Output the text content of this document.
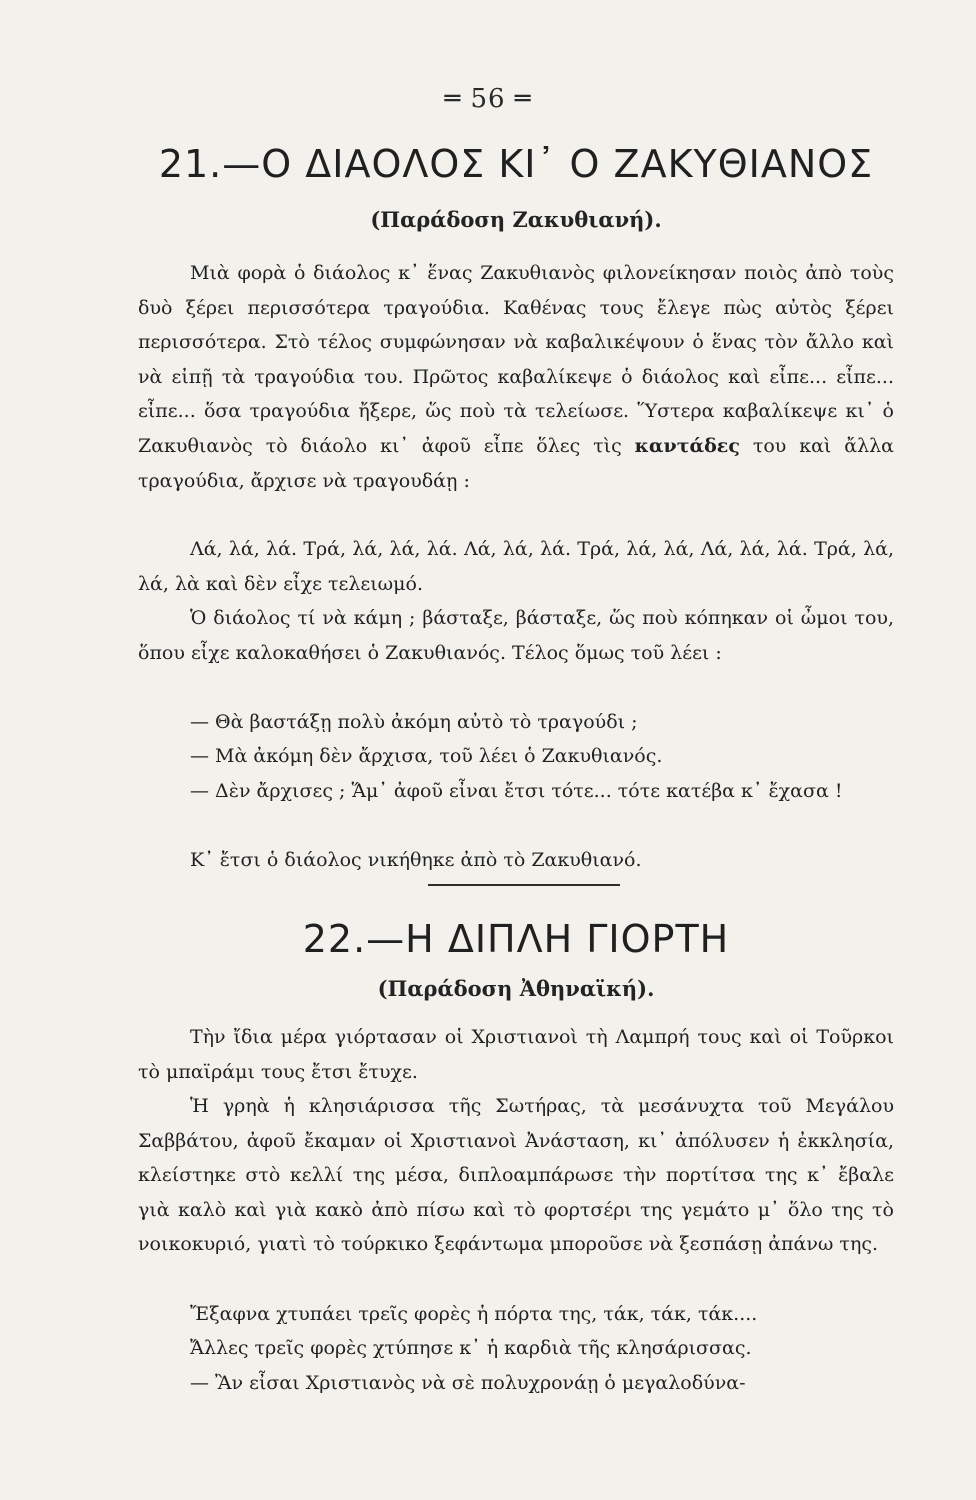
═ 56 ═
21.—Ο ΔΙΑΟΛΟΣ ΚΙ᾽ Ο ΖΑΚΥΘΙΑΝΟΣ
(Παράδοση Ζακυθιανή).
Μιὰ φορὰ ὁ διάολος κ᾽ ἕνας Ζακυθιανὸς φιλονείκησαν ποιὸς ἀπὸ τοὺς δυὸ ξέρει περισσότερα τραγούδια. Καθένας τους ἔλεγε πὼς αὐτὸς ξέρει περισσότερα. Στὸ τέλος συμφώνησαν νὰ καβαλικέψουν ὁ ἕνας τὸν ἄλλο καὶ νὰ εἰπῇ τὰ τραγούδια του. Πρῶτος καβαλίκεψε ὁ διάολος καὶ εἶπε... εἶπε... εἶπε... ὅσα τραγούδια ἤξερε, ὥς ποὺ τὰ τελείωσε. Ὕστερα καβαλίκεψε κι᾽ ὁ Ζακυθιανὸς τὸ διάολο κι᾽ ἀφοῦ εἶπε ὅλες τὶς καντάδες του καὶ ἄλλα τραγούδια, ἄρχισε νὰ τραγουδάῃ :
Λά, λά, λά. Τρά, λά, λά, λά. Λά, λά, λά. Τρά, λά, λά, Λά, λά, λά. Τρά, λά, λά, λὰ καὶ δὲν εἶχε τελειωμό.
Ὁ διάολος τί νὰ κάμη ; βάσταξε, βάσταξε, ὥς ποὺ κόπηκαν οἱ ὦμοι του, ὅπου εἶχε καλοκαθήσει ὁ Ζακυθιανός. Τέλος ὅμως τοῦ λέει :
— Θὰ βαστάξῃ πολὺ ἀκόμη αὐτὸ τὸ τραγούδι ;
— Μὰ ἀκόμη δὲν ἄρχισα, τοῦ λέει ὁ Ζακυθιανός.
— Δὲν ἄρχισες ; Ἅμ᾽ ἀφοῦ εἶναι ἔτσι τότε... τότε κατέβα κ᾽ ἔχασα !
Κ᾽ ἔτσι ὁ διάολος νικήθηκε ἀπὸ τὸ Ζακυθιανό.
22.—Η ΔΙΠΛΗ ΓΙΟΡΤΗ
(Παράδοση Ἀθηναϊκή).
Τὴν ἴδια μέρα γιόρτασαν οἱ Χριστιανοὶ τὴ Λαμπρή τους καὶ οἱ Τοῦρκοι τὸ μπαϊράμι τους ἔτσι ἔτυχε.
Ἡ γρηὰ ἡ κλησιάρισσα τῆς Σωτήρας, τὰ μεσάνυχτα τοῦ Μεγάλου Σαββάτου, ἀφοῦ ἔκαμαν οἱ Χριστιανοὶ Ἀνάσταση, κι᾽ ἀπόλυσεν ἡ ἐκκλησία, κλείστηκε στὸ κελλί της μέσα, διπλοαμπάρωσε τὴν πορτίτσα της κ᾽ ἔβαλε γιὰ καλὸ καὶ γιὰ κακὸ ἀπὸ πίσω καὶ τὸ φορτσέρι της γεμάτο μ᾽ ὅλο της τὸ νοικοκυριό, γιατὶ τὸ τούρκικο ξεφάντωμα μποροῦσε νὰ ξεσπάσῃ ἀπάνω της.
Ἔξαφνα χτυπάει τρεῖς φορὲς ἡ πόρτα της, τάκ, τάκ, τάκ....
Ἄλλες τρεῖς φορὲς χτύπησε κ᾽ ἡ καρδιὰ τῆς κλησάρισσας.
— Ἂν εἶσαι Χριστιανὸς νὰ σὲ πολυχρονάῃ ὁ μεγαλοδύνα-
